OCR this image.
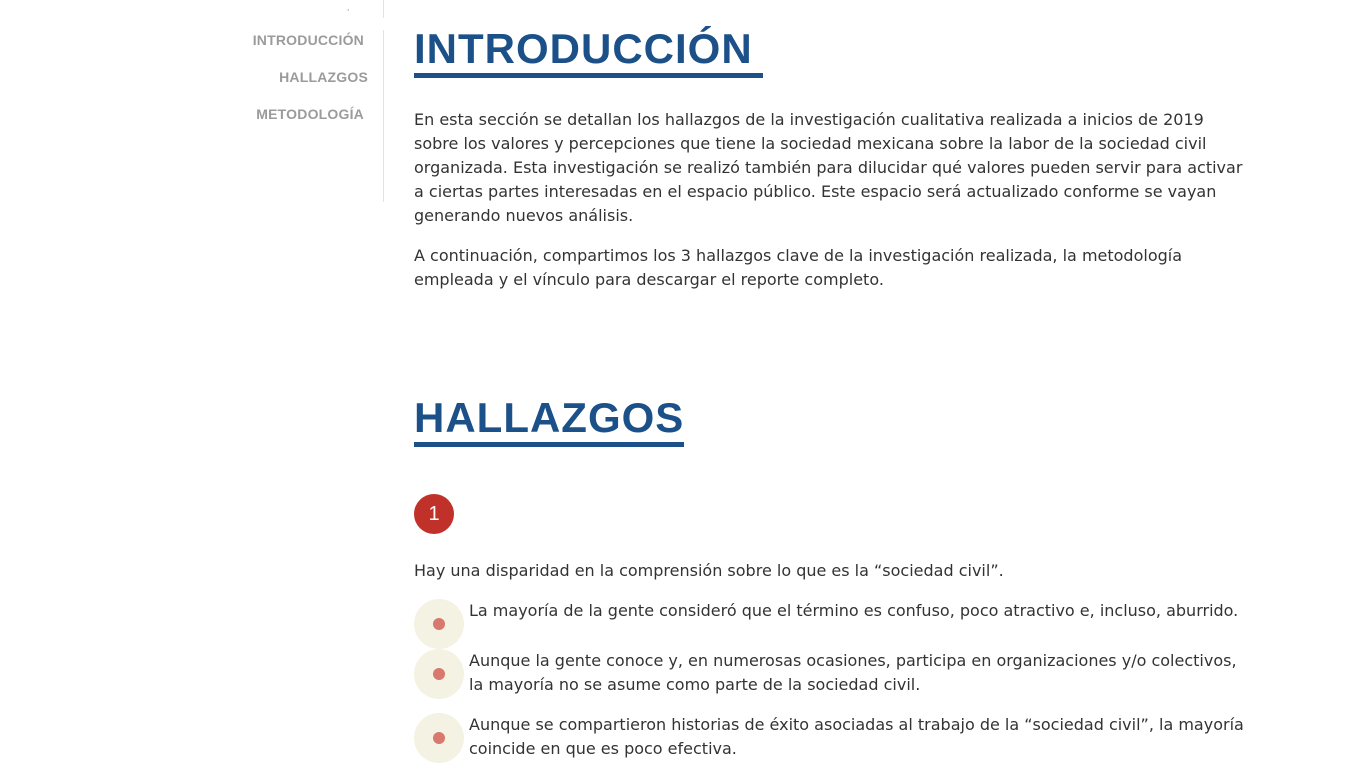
,
INTRODUCCIÓN
HALLAZGOS
METODOLOGÍA
INTRODUCCIÓN

En esta sección se detallan los hallazgos de la investigación cualitativa realizada a inicios de 2019 sobre los valores y percepciones que tiene la sociedad mexicana sobre la labor de la sociedad civil organizada. Esta investigación se realizó también para dilucidar qué valores pueden servir para activar a ciertas partes interesadas en el espacio público. Este espacio será actualizado conforme se vayan generando nuevos análisis.

A continuación, compartimos los 3 hallazgos clave de la investigación realizada, la metodología empleada y el vínculo para descargar el reporte completo.

HALLAZGOS
1

Hay una disparidad en la comprensión sobre lo que es la “sociedad civil”.

La mayoría de la gente consideró que el término es confuso, poco atractivo e, incluso, aburrido.

Aunque la gente conoce y, en numerosas ocasiones, participa en organizaciones y/o colectivos, la mayoría no se asume como parte de la sociedad civil.

Aunque se compartieron historias de éxito asociadas al trabajo de la “sociedad civil”, la mayoría coincide en que es poco efectiva.
